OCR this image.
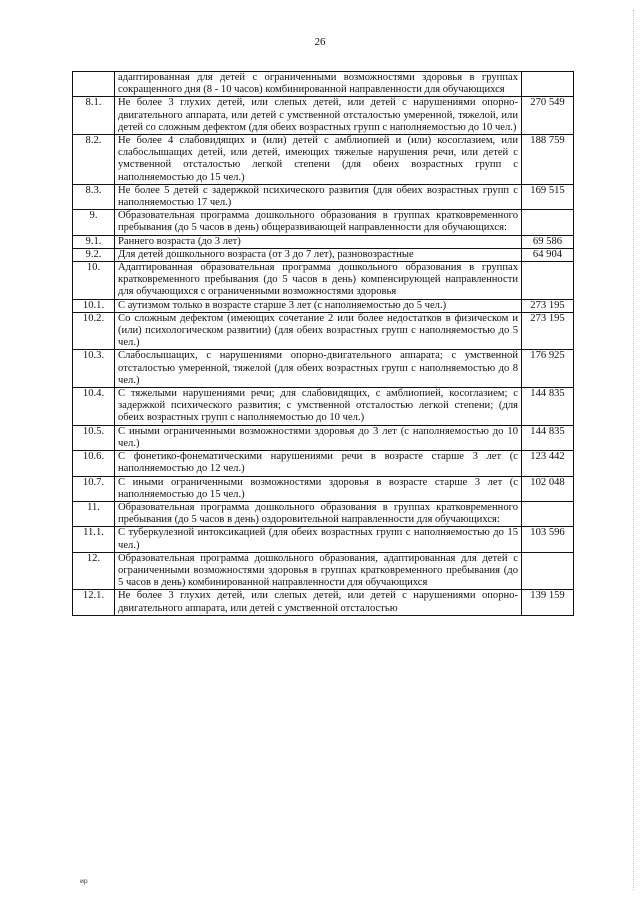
26
	адаптированная для детей с ограниченными возможностями здоровья в группах сокращенного дня (8 - 10 часов) комбинированной направленности для обучающихся	
8.1.	Не более 3 глухих детей, или слепых детей, или детей с нарушениями опорно-двигательного аппарата, или детей с умственной отсталостью умеренной, тяжелой, или детей со сложным дефектом (для обеих возрастных групп с наполняемостью до 10 чел.)	270 549
8.2.	Не более 4 слабовидящих и (или) детей с амблиопией и (или) косоглазием, или слабослышащих детей, или детей, имеющих тяжелые нарушения речи, или детей с умственной отсталостью легкой степени (для обеих возрастных групп с наполняемостью до 15 чел.)	188 759
8.3.	Не более 5 детей с задержкой психического развития (для обеих возрастных групп с наполняемостью 17 чел.)	169 515
9.	Образовательная программа дошкольного образования в группах кратковременного пребывания (до 5 часов в день) общеразвивающей направленности для обучающихся:	
9.1.	Раннего возраста (до 3 лет)	69 586
9.2.	Для детей дошкольного возраста (от 3 до 7 лет), разновозрастные	64 904
10.	Адаптированная образовательная программа дошкольного образования в группах кратковременного пребывания (до 5 часов в день) компенсирующей направленности для обучающихся с ограниченными возможностями здоровья	
10.1.	С аутизмом только в возрасте старше 3 лет (с наполняемостью до 5 чел.)	273 195
10.2.	Со сложным дефектом (имеющих сочетание 2 или более недостатков в физическом и (или) психологическом развитии) (для обеих возрастных групп с наполняемостью до 5 чел.)	273 195
10.3.	Слабослышащих, с нарушениями опорно-двигательного аппарата; с умственной отсталостью умеренной, тяжелой (для обеих возрастных групп с наполняемостью до 8 чел.)	176 925
10.4.	С тяжелыми нарушениями речи; для слабовидящих, с амблиопией, косоглазием; с задержкой психического развития; с умственной отсталостью легкой степени; (для обеих возрастных групп с наполняемостью до 10 чел.)	144 835
10.5.	С иными ограниченными возможностями здоровья до 3 лет (с наполняемостью до 10 чел.)	144 835
10.6.	С фонетико-фонематическими нарушениями речи в возрасте старше 3 лет (с наполняемостью до 12 чел.)	123 442
10.7.	С иными ограниченными возможностями здоровья в возрасте старше 3 лет (с наполняемостью до 15 чел.)	102 048
11.	Образовательная программа дошкольного образования в группах кратковременного пребывания (до 5 часов в день) оздоровительной направленности для обучающихся:	
11.1.	С туберкулезной интоксикацией (для обеих возрастных групп с наполняемостью до 15 чел.)	103 596
12.	Образовательная программа дошкольного образования, адаптированная для детей с ограниченными возможностями здоровья в группах кратковременного пребывания (до 5 часов в день) комбинированной направленности для обучающихся	
12.1.	Не более 3 глухих детей, или слепых детей, или детей с нарушениями опорно-двигательного аппарата, или детей с умственной отсталостью	139 159
ир
